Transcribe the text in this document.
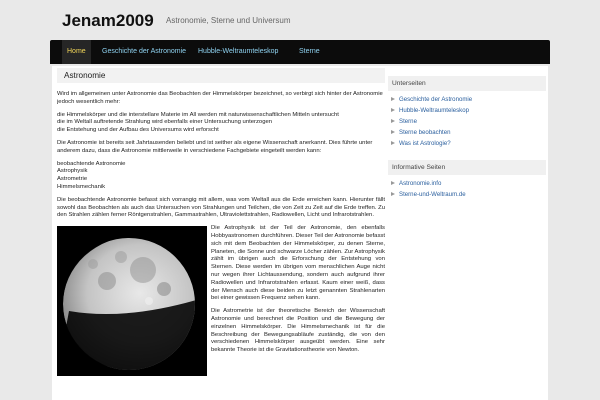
Jenam2009 Astronomie, Sterne und Universum
Home	Geschichte der Astronomie	Hubble-Weltraumteleskop	Sterne
Astronomie

Wird im allgemeinen unter Astronomie das Beobachten der Himmelskörper bezeichnet, so verbirgt sich hinter der Astronomie jedoch wesentlich mehr:

die Himmelskörper und die interstellare Materie im All werden mit naturwissenschaftlichen Mitteln untersucht
die im Weltall auftretende Strahlung wird ebenfalls einer Untersuchung unterzogen
die Entstehung und der Aufbau des Universums wird erforscht

Die Astronomie ist bereits seit Jahrtausenden beliebt und ist seither als eigene Wissenschaft anerkannt. Dies führte unter anderem dazu, dass die Astronomie mittlerweile in verschiedene Fachgebiete eingeteilt werden kann:

beobachtende Astronomie
Astrophysik
Astrometrie
Himmelsmechanik

Die beobachtende Astronomie befasst sich vorrangig mit allem, was vom Weltall aus die Erde erreichen kann. Hierunter fällt sowohl das Beobachten als auch das Untersuchen von Strahlungen und Teilchen, die von Zeit zu Zeit auf die Erde treffen. Zu den Strahlen zählen ferner Röntgenstrahlen, Gammastrahlen, Ultraviolettstrahlen, Radiowellen, Licht und Infrarotstrahlen.

Die Astrophysik ist der Teil der Astronomie, den ebenfalls Hobbyastronomen durchführen. Dieser Teil der Astronomie befasst sich mit dem Beobachten der Himmelskörper, zu denen Sterne, Planeten, die Sonne und schwarze Löcher zählen. Zur Astrophysik zählt im übrigen auch die Erforschung der Entstehung von Sternen. Diese werden im übrigen vom menschlichen Auge nicht nur wegen ihrer Lichtaussendung, sondern auch aufgrund ihrer Radiowellen und Infrarotstrahlen erfasst. Kaum einer weiß, dass der Mensch auch diese beiden zu letzt genannten Strahlenarten bei einer gewissen Frequenz sehen kann.

Die Astrometrie ist der theoretische Bereich der Wissenschaft Astronomie und berechnet die Position und die Bewegung der einzelnen Himmelskörper. Die Himmelsmechanik ist für die Beschreibung der Bewegungsabläufe zuständig, die von den verschiedenen Himmelskörper ausgeübt werden. Eine sehr bekannte Theorie ist die Gravitationstheorie von Newton.

Unterseiten
Geschichte der Astronomie
Hubble-Weltraumteleskop
Sterne
Sterne beobachten
Was ist Astrologie?
Informative Seiten
Astronomie.info
Sterne-und-Weltraum.de
